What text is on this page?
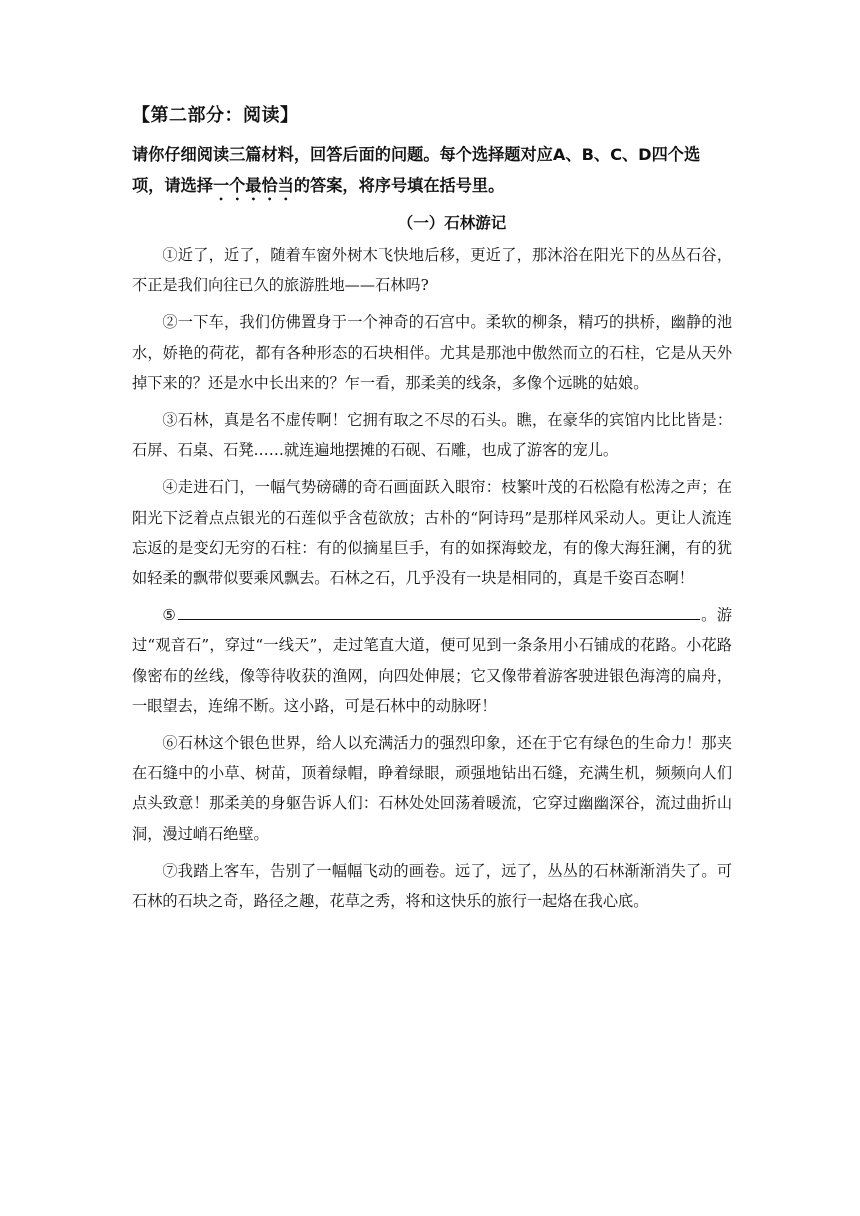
【第二部分：阅读】

请你仔细阅读三篇材料，回答后面的问题。每个选择题对应A、B、C、D四个选项，请选择一个最恰当的答案，将序号填在括号里。

（一）石林游记

①近了，近了，随着车窗外树木飞快地后移，更近了，那沐浴在阳光下的丛丛石谷，不正是我们向往已久的旅游胜地——石林吗?

②一下车，我们仿佛置身于一个神奇的石宫中。柔软的柳条，精巧的拱桥，幽静的池水，娇艳的荷花，都有各种形态的石块相伴。尤其是那池中傲然而立的石柱，它是从天外掉下来的？还是水中长出来的？乍一看，那柔美的线条，多像个远眺的姑娘。

③石林，真是名不虚传啊！它拥有取之不尽的石头。瞧，在豪华的宾馆内比比皆是：石屏、石桌、石凳……就连遍地摆摊的石砚、石雕，也成了游客的宠儿。

④走进石门，一幅气势磅礴的奇石画面跃入眼帘：枝繁叶茂的石松隐有松涛之声；在阳光下泛着点点银光的石莲似乎含苞欲放；古朴的“阿诗玛”是那样风采动人。更让人流连忘返的是变幻无穷的石柱：有的似摘星巨手，有的如探海蛟龙，有的像大海狂澜，有的犹如轻柔的飘带似要乘风飘去。石林之石，几乎没有一块是相同的，真是千姿百态啊！

⑤	。游过“观音石”，穿过“一线天”，走过笔直大道，便可见到一条条用小石铺成的花路。小花路像密布的丝线，像等待收获的渔网，向四处伸展；它又像带着游客驶进银色海湾的扁舟，一眼望去，连绵不断。这小路，可是石林中的动脉呀！

⑥石林这个银色世界，给人以充满活力的强烈印象，还在于它有绿色的生命力！那夹在石缝中的小草、树苗，顶着绿帽，睁着绿眼，顽强地钻出石缝，充满生机，频频向人们点头致意！那柔美的身躯告诉人们：石林处处回荡着暖流，它穿过幽幽深谷，流过曲折山洞，漫过峭石绝壁。

⑦我踏上客车，告别了一幅幅飞动的画卷。远了，远了，丛丛的石林渐渐消失了。可石林的石块之奇，路径之趣，花草之秀，将和这快乐的旅行一起烙在我心底。
